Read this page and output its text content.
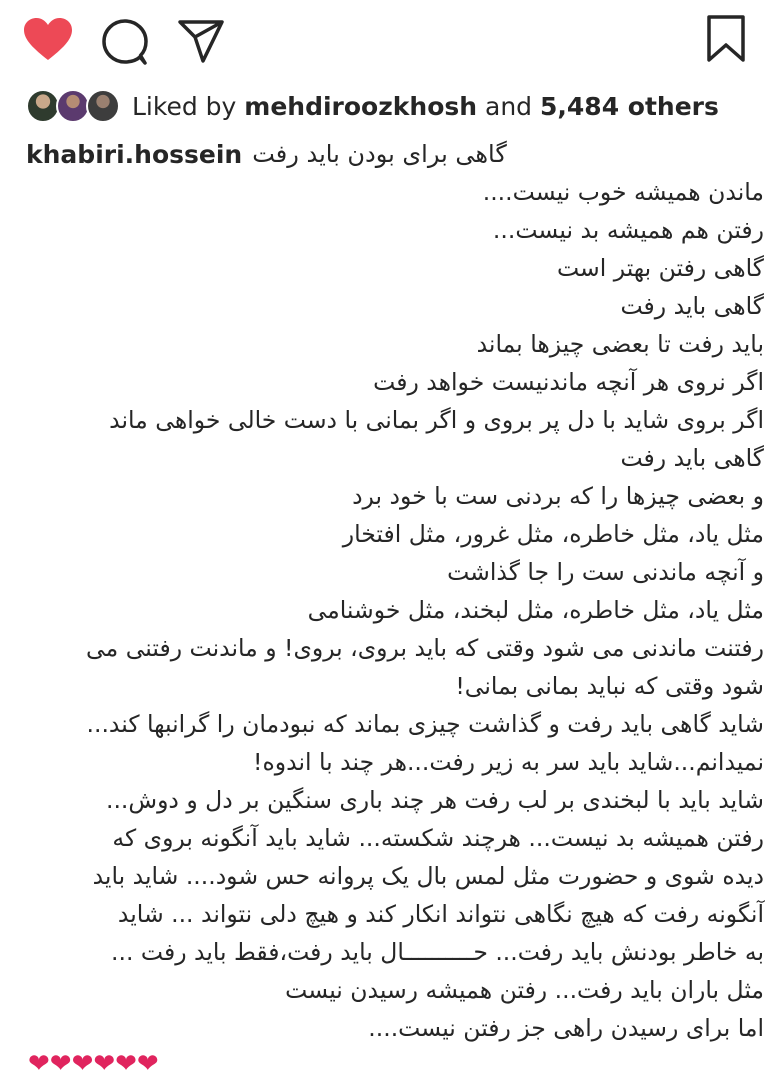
Liked by mehdiroozkhosh and 5,484 others
khabiri.hossein گاهی برای بودن باید رفت
ماندن همیشه خوب نیست....
رفتن هم همیشه بد نیست...
گاهی رفتن بهتر است
گاهی باید رفت
باید رفت تا بعضی چیزها بماند
اگر نروی هر آنچه ماندنیست خواهد رفت
اگر بروی شاید با دل پر بروی و اگر بمانی با دست خالی خواهی ماند
گاهی باید رفت
و بعضی چیزها را که بردنی ست با خود برد
مثل یاد، مثل خاطره، مثل غرور، مثل افتخار
و آنچه ماندنی ست را جا گذاشت
مثل یاد، مثل خاطره، مثل لبخند، مثل خوشنامی
رفتنت ماندنی می شود وقتی که باید بروی، بروی! و ماندنت رفتنی می
شود وقتی که نباید بمانی بمانی!
شاید گاهی باید رفت و گذاشت چیزی بماند که نبودمان را گرانبها کند...
نمیدانم...شاید باید سر به زیر رفت...هر چند با اندوه!
شاید باید با لبخندی بر لب رفت هر چند باری سنگین بر دل و دوش...
رفتن همیشه بد نیست... هرچند شکسته... شاید باید آنگونه بروی که
دیده شوی و حضورت مثل لمس بال یک پروانه حس شود.... شاید باید
آنگونه رفت که هیچ نگاهی نتواند انکار کند و هیچ دلی نتواند ... شاید
به خاطر بودنش باید رفت... حــــــــــال باید رفت،فقط باید رفت ...
مثل باران باید رفت... رفتن همیشه رسیدن نیست
اما برای رسیدن راهی جز رفتن نیست....
❤❤❤❤❤❤
